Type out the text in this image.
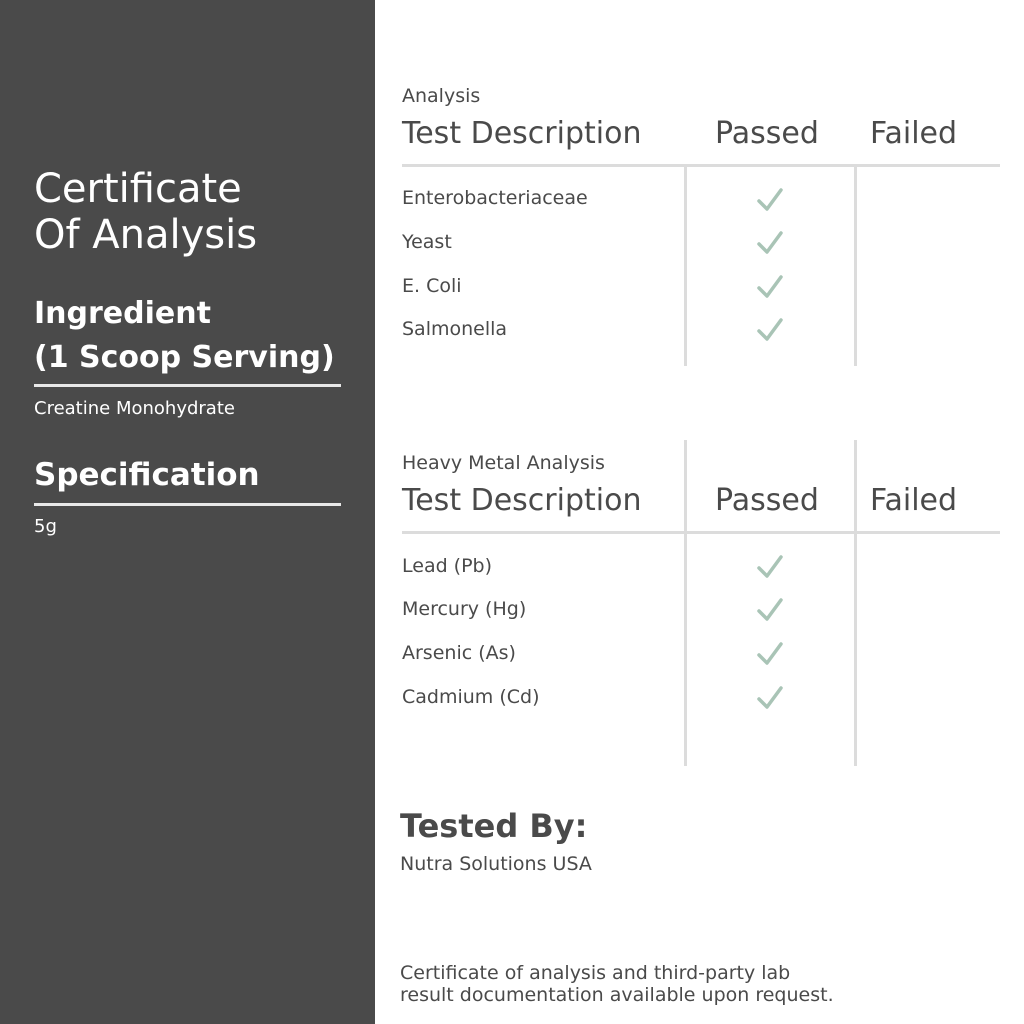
Certificate
Of Analysis
Ingredient
(1 Scoop Serving)
Creatine Monohydrate
Specification
5g
Analysis
Test Description Passed Failed
Enterobacteriaceae
Yeast
E. Coli
Salmonella
Heavy Metal Analysis
Test Description Passed Failed
Lead (Pb)
Mercury (Hg)
Arsenic (As)
Cadmium (Cd)
Tested By:
Nutra Solutions USA
Certificate of analysis and third-party lab
result documentation available upon request.
